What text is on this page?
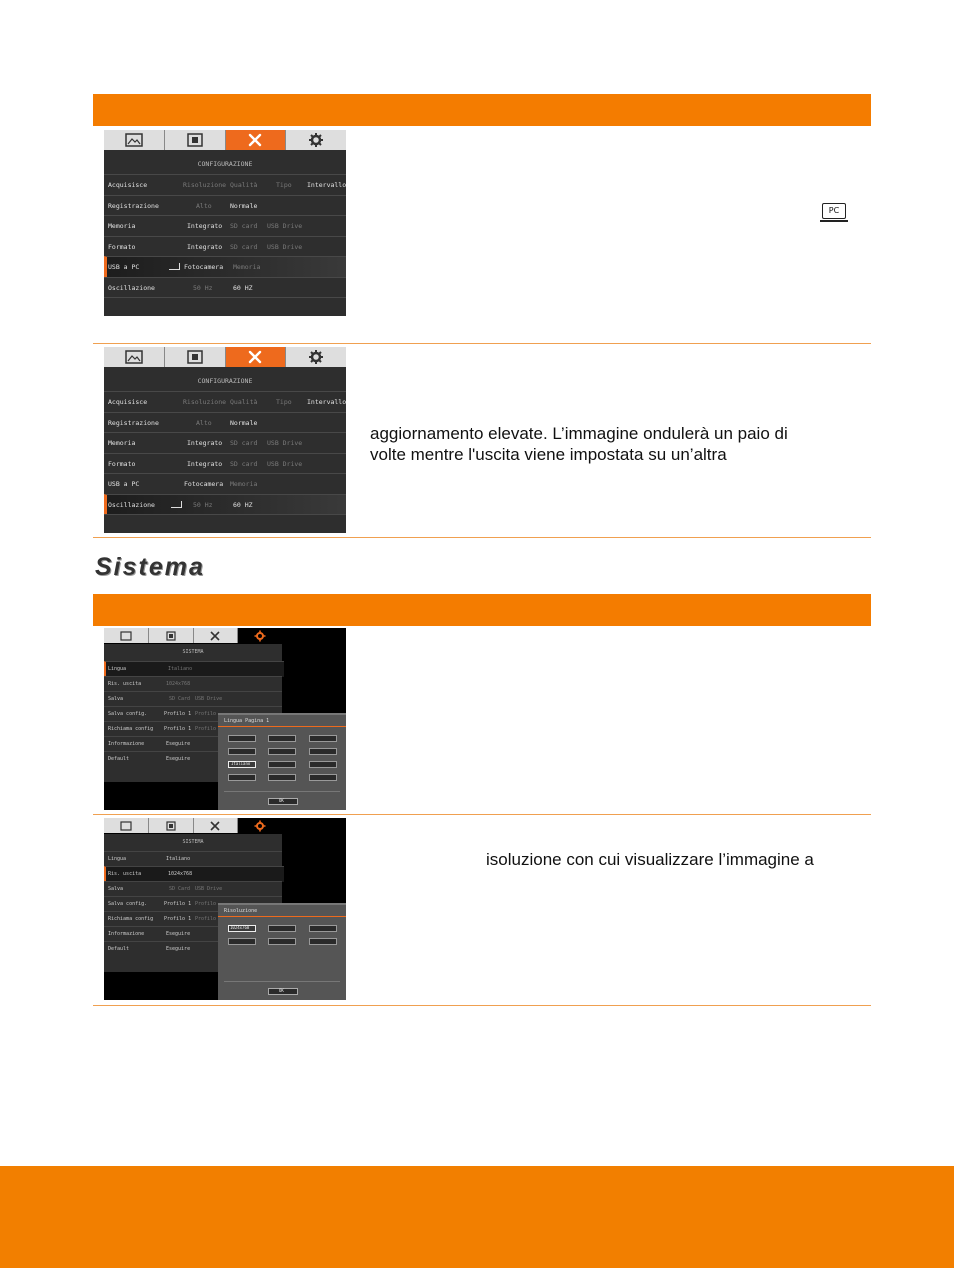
CONFIGURAZIONE
Acquisisce	Risoluzione Qualità	Tipo Intervallo
Registrazione	Alto	Normale
Memoria	Integrato SD card USB Drive
Formato	Integrato SD card USB Drive
USB a PC	Fotocamera Memoria
Oscillazione	50 Hz	60 HZ
PC
CONFIGURAZIONE
Acquisisce	Risoluzione Qualità	Tipo Intervallo
Registrazione	Alto	Normale
Memoria	Integrato SD card USB Drive
Formato	Integrato SD card USB Drive
USB a PC	Fotocamera Memoria
Oscillazione	50 Hz	60 HZ
aggiornamento elevate. L’immagine ondulerà un paio di
volte mentre l'uscita viene impostata su un’altra
Sistema
SISTEMA
Lingua	Italiano
Ris. uscita	1024x768
Salva	SD Card USB Drive
Salva config.	Profilo 1 Profilo
Richiama config Profilo 1 Profilo
Informazione	Eseguire
Default	Eseguire
Lingua Pagina 1
Italiano
OK
SISTEMA
Lingua	Italiano
Ris. uscita	1024x768
Salva	SD Card USB Drive
Salva config.	Profilo 1 Profilo
Richiama config Profilo 1 Profilo
Informazione	Eseguire
Default	Eseguire
Risoluzione
1024x768
OK
isoluzione con cui visualizzare l’immagine a
